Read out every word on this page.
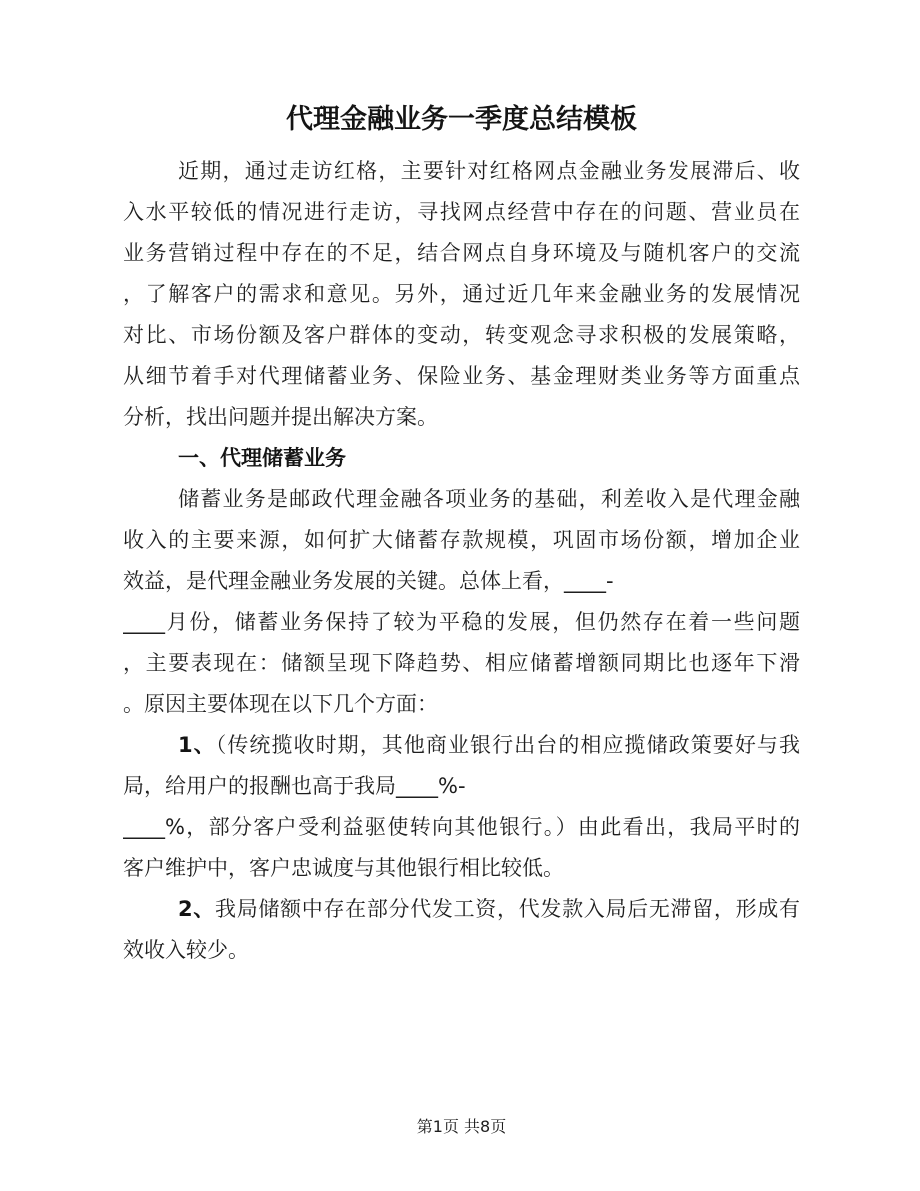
代理金融业务一季度总结模板
近期，通过走访红格，主要针对红格网点金融业务发展滞后、收
入水平较低的情况进行走访，寻找网点经营中存在的问题、营业员在
业务营销过程中存在的不足，结合网点自身环境及与随机客户的交流
，了解客户的需求和意见。另外，通过近几年来金融业务的发展情况
对比、市场份额及客户群体的变动，转变观念寻求积极的发展策略，
从细节着手对代理储蓄业务、保险业务、基金理财类业务等方面重点
分析，找出问题并提出解决方案。
一、代理储蓄业务
储蓄业务是邮政代理金融各项业务的基础，利差收入是代理金融
收入的主要来源，如何扩大储蓄存款规模，巩固市场份额，增加企业
效益，是代理金融业务发展的关键。总体上看，____-
____月份，储蓄业务保持了较为平稳的发展，但仍然存在着一些问题
，主要表现在：储额呈现下降趋势、相应储蓄增额同期比也逐年下滑
。原因主要体现在以下几个方面：
1、（传统揽收时期，其他商业银行出台的相应揽储政策要好与我
局，给用户的报酬也高于我局____%-
____%，部分客户受利益驱使转向其他银行。）由此看出，我局平时的
客户维护中，客户忠诚度与其他银行相比较低。
2、我局储额中存在部分代发工资，代发款入局后无滞留，形成有
效收入较少。
第1页 共8页
